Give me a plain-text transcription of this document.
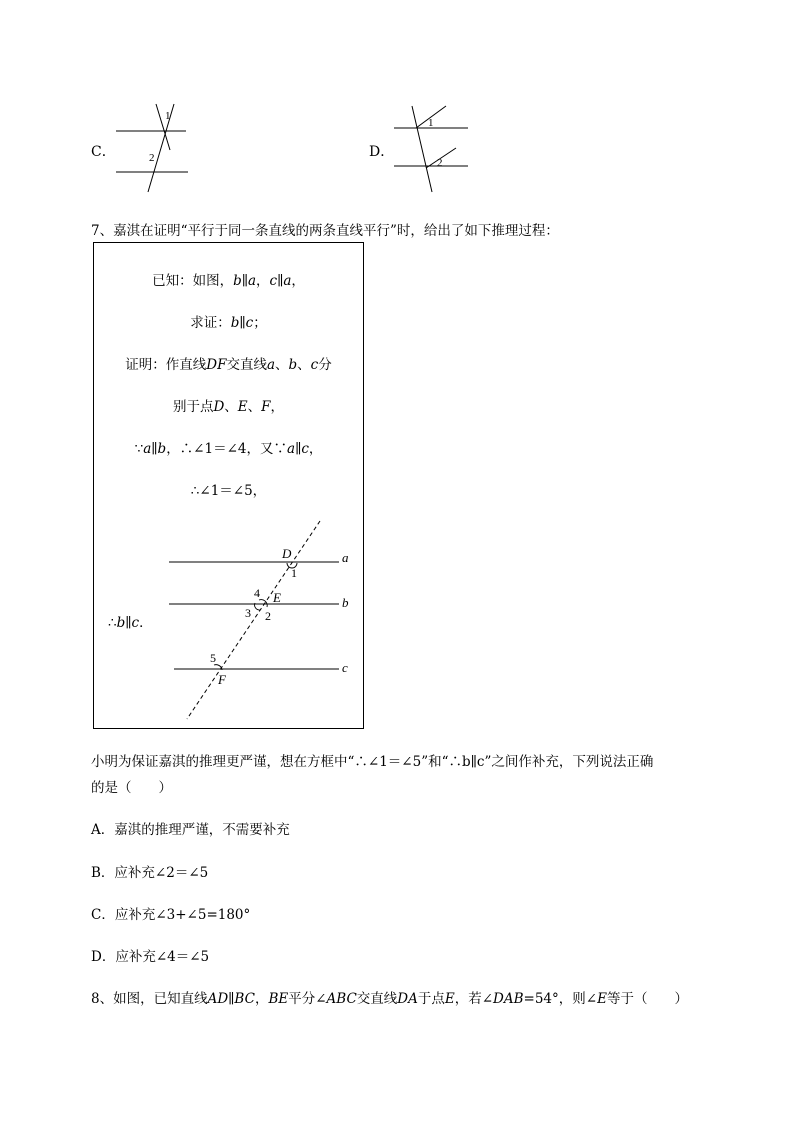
C．
1
2	D．
1
2
7、嘉淇在证明“平行于同一条直线的两条直线平行”时，给出了如下推理过程：
已知：如图，b∥a，c∥a，
求证：b∥c；
证明：作直线DF交直线a、b、c分
别于点D、E、F，
∵a∥b，∴∠1＝∠4，又∵a∥c，
∴∠1＝∠5，
∴b∥c．
a
b
c
D
E
F
1
2
3
4
5
小明为保证嘉淇的推理更严谨，想在方框中“∴∠1＝∠5”和“∴b∥c”之间作补充，下列说法正确
的是（　　）
A．嘉淇的推理严谨，不需要补充
B．应补充∠2＝∠5
C．应补充∠3+∠5=180°
D．应补充∠4＝∠5
8、如图，已知直线AD∥BC，BE平分∠ABC交直线DA于点E，若∠DAB=54°，则∠E等于（　　）
